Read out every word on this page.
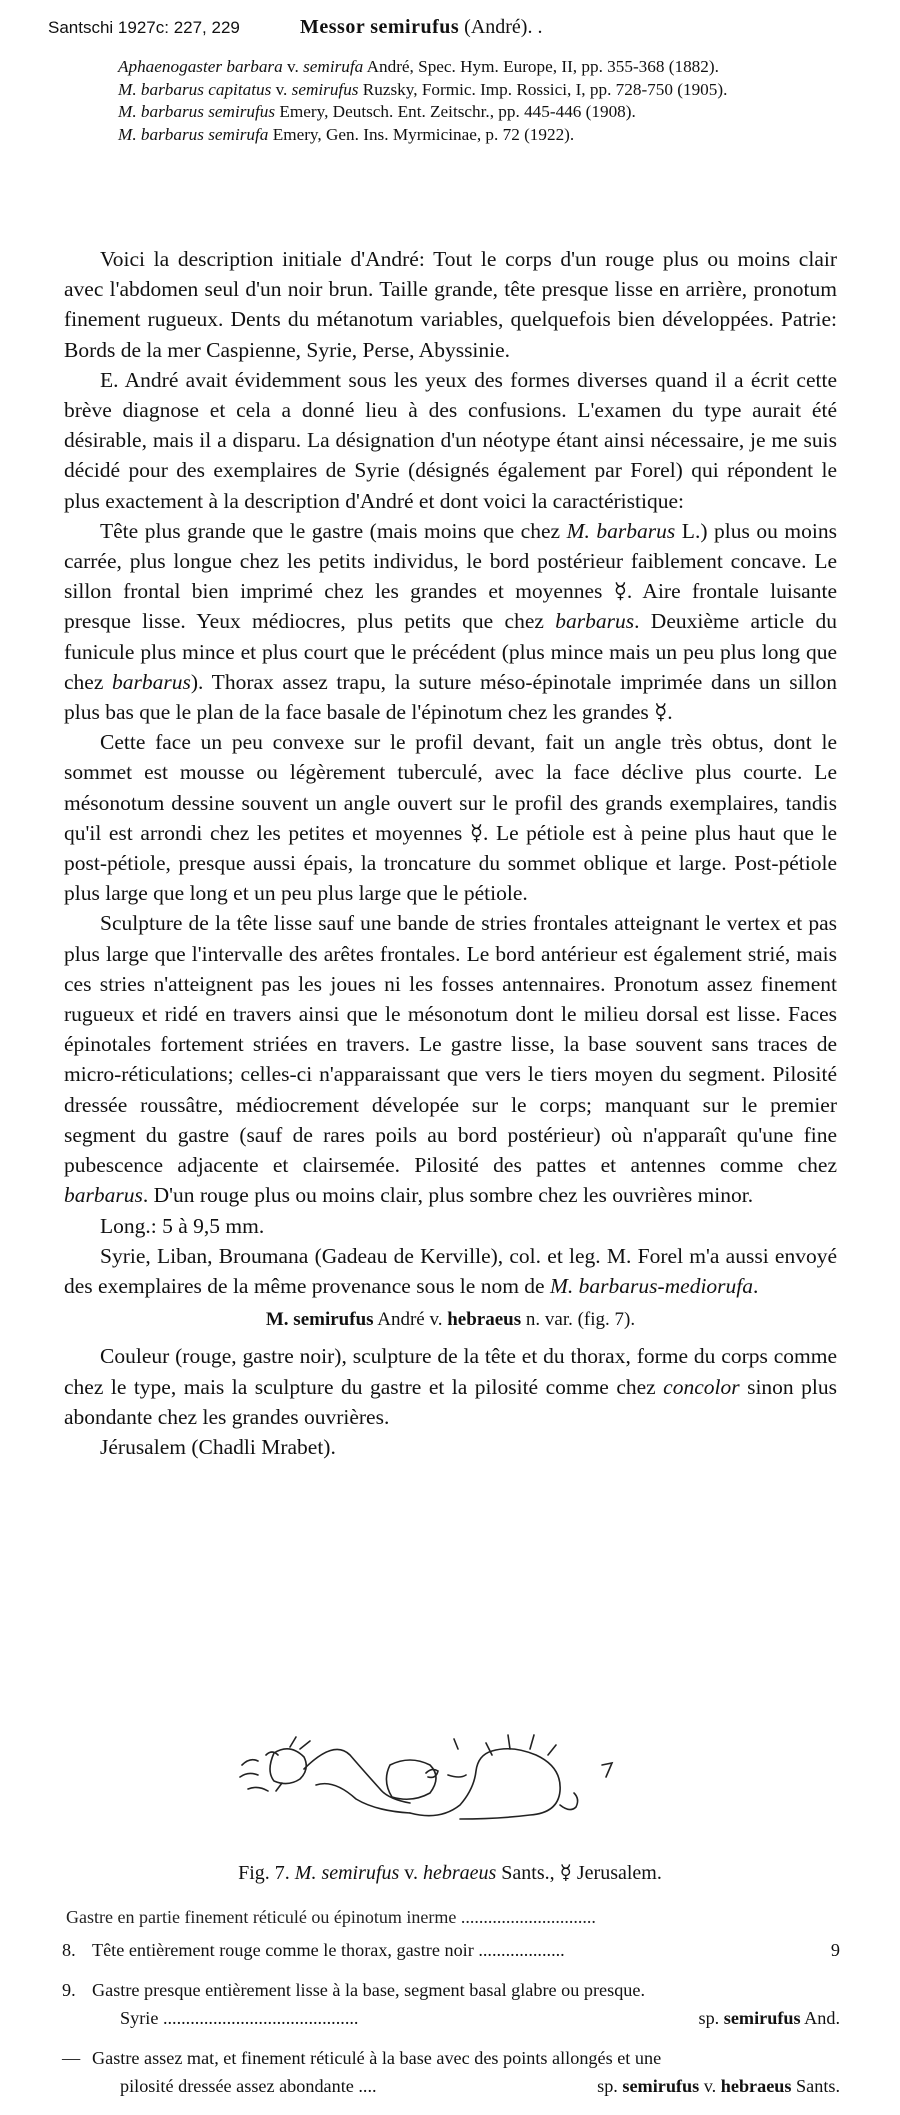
Santschi 1927c: 227, 229	Messor semirufus (André). .

Aphaenogaster barbara v. semirufa André, Spec. Hym. Europe, II, pp. 355-368 (1882).

M. barbarus capitatus v. semirufus Ruzsky, Formic. Imp. Rossici, I, pp. 728-750 (1905).

M. barbarus semirufus Emery, Deutsch. Ent. Zeitschr., pp. 445-446 (1908).

M. barbarus semirufa Emery, Gen. Ins. Myrmicinae, p. 72 (1922).

Voici la description initiale d'André: Tout le corps d'un rouge plus ou moins clair avec l'abdomen seul d'un noir brun. Taille grande, tête presque lisse en arrière, pronotum finement rugueux. Dents du métanotum variables, quelquefois bien développées. Patrie: Bords de la mer Caspienne, Syrie, Perse, Abyssinie.

E. André avait évidemment sous les yeux des formes diverses quand il a écrit cette brève diagnose et cela a donné lieu à des confusions. L'examen du type aurait été désirable, mais il a disparu. La désignation d'un néotype étant ainsi nécessaire, je me suis décidé pour des exemplaires de Syrie (désignés également par Forel) qui répondent le plus exactement à la description d'André et dont voici la caractéristique:

Tête plus grande que le gastre (mais moins que chez M. barbarus L.) plus ou moins carrée, plus longue chez les petits individus, le bord postérieur faiblement concave. Le sillon frontal bien imprimé chez les grandes et moyennes ☿. Aire frontale luisante presque lisse. Yeux médiocres, plus petits que chez barbarus. Deuxième article du funicule plus mince et plus court que le précédent (plus mince mais un peu plus long que chez barbarus). Thorax assez trapu, la suture méso-épinotale imprimée dans un sillon plus bas que le plan de la face basale de l'épinotum chez les grandes ☿.

Cette face un peu convexe sur le profil devant, fait un angle très obtus, dont le sommet est mousse ou légèrement tuberculé, avec la face déclive plus courte. Le mésonotum dessine souvent un angle ouvert sur le profil des grands exemplaires, tandis qu'il est arrondi chez les petites et moyennes ☿. Le pétiole est à peine plus haut que le post-pétiole, presque aussi épais, la troncature du sommet oblique et large. Post-pétiole plus large que long et un peu plus large que le pétiole.

Sculpture de la tête lisse sauf une bande de stries frontales atteignant le vertex et pas plus large que l'intervalle des arêtes frontales. Le bord antérieur est également strié, mais ces stries n'atteignent pas les joues ni les fosses antennaires. Pronotum assez finement rugueux et ridé en travers ainsi que le mésonotum dont le milieu dorsal est lisse. Faces épinotales fortement striées en travers. Le gastre lisse, la base souvent sans traces de micro-réticulations; celles-ci n'apparaissant que vers le tiers moyen du segment. Pilosité dressée roussâtre, médiocrement dévelopée sur le corps; manquant sur le premier segment du gastre (sauf de rares poils au bord postérieur) où n'apparaît qu'une fine pubescence adjacente et clairsemée. Pilosité des pattes et antennes comme chez barbarus. D'un rouge plus ou moins clair, plus sombre chez les ouvrières minor.

Long.: 5 à 9,5 mm.

Syrie, Liban, Broumana (Gadeau de Kerville), col. et leg. M. Forel m'a aussi envoyé des exemplaires de la même provenance sous le nom de M. barbarus-mediorufa.

M. semirufus André v. hebraeus n. var. (fig. 7).

Couleur (rouge, gastre noir), sculpture de la tête et du thorax, forme du corps comme chez le type, mais la sculpture du gastre et la pilosité comme chez concolor sinon plus abondante chez les grandes ouvrières.

Jérusalem (Chadli Mrabet).

Fig. 7. M. semirufus v. hebraeus Sants., ☿ Jerusalem.
Gastre en partie finement réticulé ou épinotum inerme ..............................
8. Tête entièrement rouge comme le thorax, gastre noir ...................	9
9. Gastre presque entièrement lisse à la base, segment basal glabre ou presque.
Syrie ...........................................	sp. semirufus And.
— Gastre assez mat, et finement réticulé à la base avec des points allongés et une
pilosité dressée assez abondante ....	sp. semirufus v. hebraeus Sants.
